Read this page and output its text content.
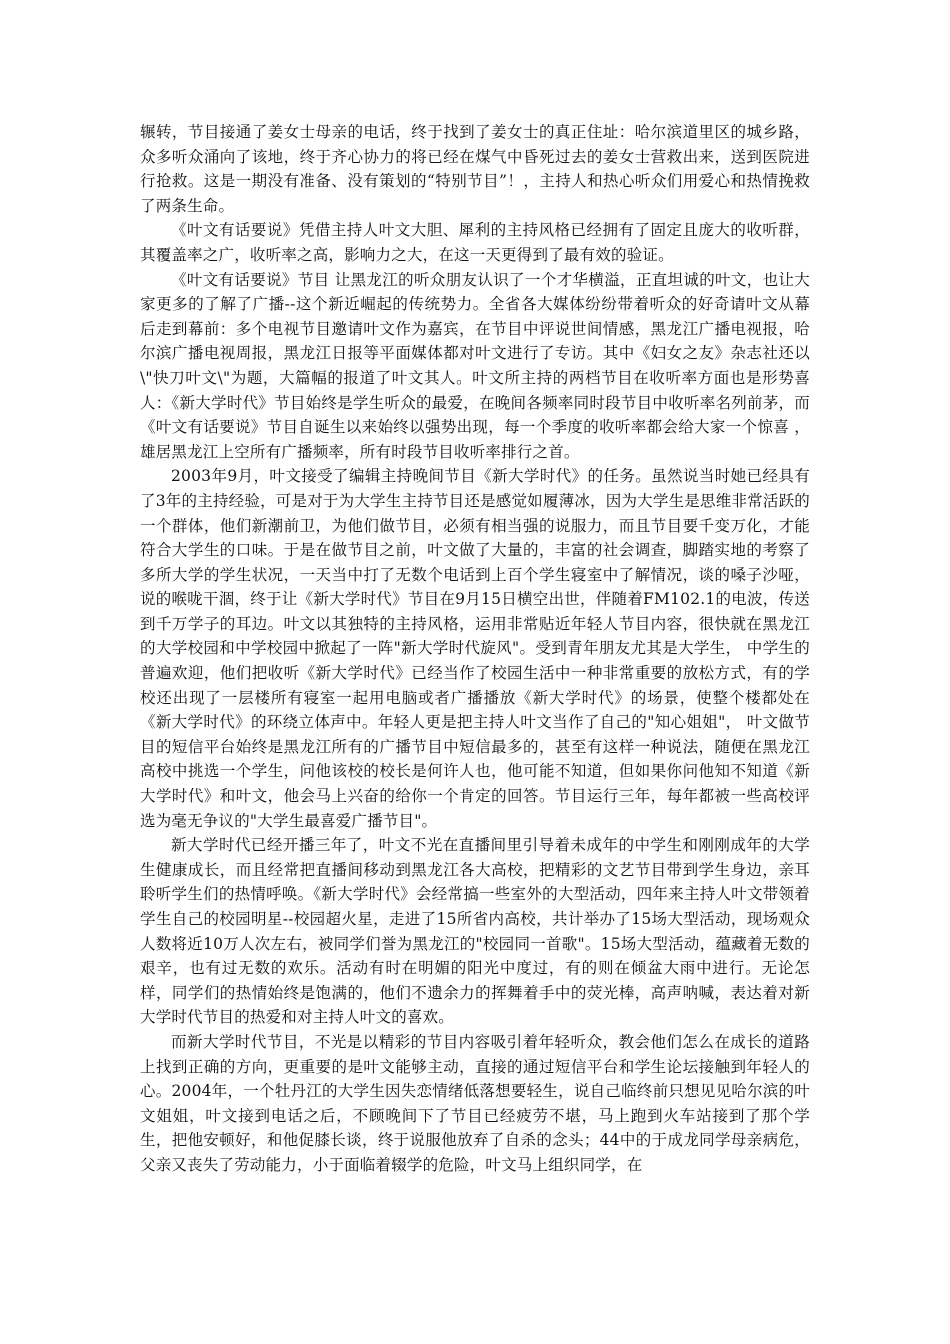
辗转，节目接通了姜女士母亲的电话，终于找到了姜女士的真正住址：哈尔滨道里区的城乡路，众多听众涌向了该地，终于齐心协力的将已经在煤气中昏死过去的姜女士营救出来，送到医院进行抢救。这是一期没有准备、没有策划的“特别节目”！，主持人和热心听众们用爱心和热情挽救了两条生命。

《叶文有话要说》凭借主持人叶文大胆、犀利的主持风格已经拥有了固定且庞大的收听群，其覆盖率之广，收听率之高，影响力之大，在这一天更得到了最有效的验证。

《叶文有话要说》节目 让黑龙江的听众朋友认识了一个才华横溢，正直坦诚的叶文，也让大家更多的了解了广播--这个新近崛起的传统势力。全省各大媒体纷纷带着听众的好奇请叶文从幕后走到幕前：多个电视节目邀请叶文作为嘉宾，在节目中评说世间情感，黑龙江广播电视报，哈尔滨广播电视周报，黑龙江日报等平面媒体都对叶文进行了专访。其中《妇女之友》杂志社还以\"快刀叶文\"为题，大篇幅的报道了叶文其人。叶文所主持的两档节目在收听率方面也是形势喜人：《新大学时代》节目始终是学生听众的最爱，在晚间各频率同时段节目中收听率名列前茅，而《叶文有话要说》节目自诞生以来始终以强势出现，每一个季度的收听率都会给大家一个惊喜 ，雄居黑龙江上空所有广播频率，所有时段节目收听率排行之首。

2003年9月，叶文接受了编辑主持晚间节目《新大学时代》的任务。虽然说当时她已经具有了3年的主持经验，可是对于为大学生主持节目还是感觉如履薄冰，因为大学生是思维非常活跃的一个群体，他们新潮前卫，为他们做节目，必须有相当强的说服力，而且节目要千变万化，才能符合大学生的口味。于是在做节目之前，叶文做了大量的，丰富的社会调查，脚踏实地的考察了多所大学的学生状况，一天当中打了无数个电话到上百个学生寝室中了解情况，谈的嗓子沙哑，说的喉咙干涸，终于让《新大学时代》节目在9月15日横空出世，伴随着FM102.1的电波，传送到千万学子的耳边。叶文以其独特的主持风格，运用非常贴近年轻人节目内容，很快就在黑龙江的大学校园和中学校园中掀起了一阵"新大学时代旋风"。受到青年朋友尤其是大学生， 中学生的普遍欢迎，他们把收听《新大学时代》已经当作了校园生活中一种非常重要的放松方式，有的学校还出现了一层楼所有寝室一起用电脑或者广播播放《新大学时代》的场景，使整个楼都处在《新大学时代》的环绕立体声中。年轻人更是把主持人叶文当作了自己的"知心姐姐"， 叶文做节目的短信平台始终是黑龙江所有的广播节目中短信最多的，甚至有这样一种说法，随便在黑龙江高校中挑选一个学生，问他该校的校长是何许人也，他可能不知道，但如果你问他知不知道《新大学时代》和叶文，他会马上兴奋的给你一个肯定的回答。节目运行三年，每年都被一些高校评选为毫无争议的"大学生最喜爱广播节目"。

新大学时代已经开播三年了，叶文不光在直播间里引导着未成年的中学生和刚刚成年的大学生健康成长，而且经常把直播间移动到黑龙江各大高校，把精彩的文艺节目带到学生身边，亲耳聆听学生们的热情呼唤。《新大学时代》会经常搞一些室外的大型活动，四年来主持人叶文带领着学生自己的校园明星--校园超火星，走进了15所省内高校，共计举办了15场大型活动，现场观众人数将近10万人次左右，被同学们誉为黑龙江的"校园同一首歌"。15场大型活动，蕴藏着无数的艰辛，也有过无数的欢乐。活动有时在明媚的阳光中度过，有的则在倾盆大雨中进行。无论怎样，同学们的热情始终是饱满的，他们不遗余力的挥舞着手中的荧光棒，高声呐喊，表达着对新大学时代节目的热爱和对主持人叶文的喜欢。

而新大学时代节目，不光是以精彩的节目内容吸引着年轻听众，教会他们怎么在成长的道路上找到正确的方向，更重要的是叶文能够主动，直接的通过短信平台和学生论坛接触到年轻人的心。2004年，一个牡丹江的大学生因失恋情绪低落想要轻生，说自己临终前只想见见哈尔滨的叶文姐姐，叶文接到电话之后，不顾晚间下了节目已经疲劳不堪，马上跑到火车站接到了那个学生，把他安顿好，和他促膝长谈，终于说服他放弃了自杀的念头；44中的于成龙同学母亲病危，父亲又丧失了劳动能力，小于面临着辍学的危险，叶文马上组织同学，在
